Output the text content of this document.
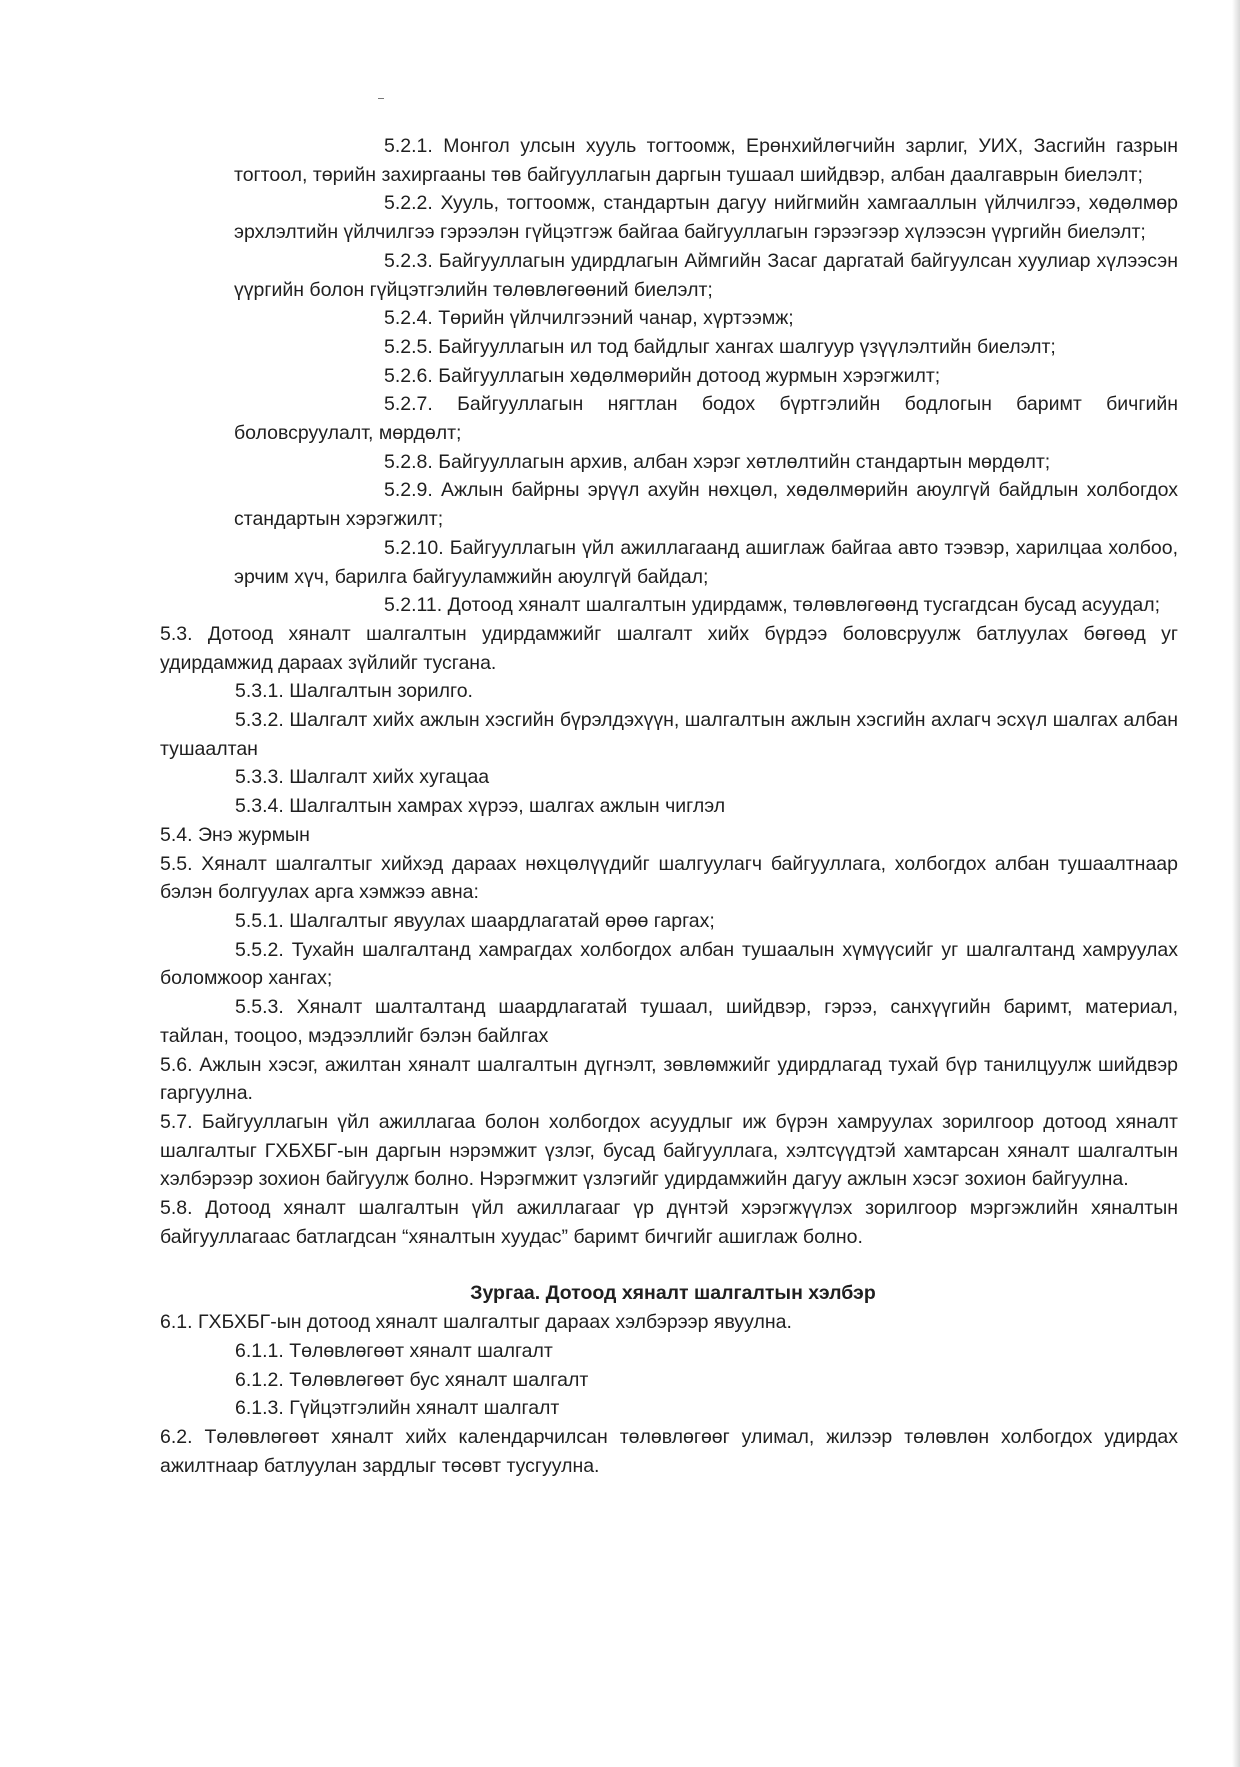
5.2.1. Монгол улсын хууль тогтоомж, Ерөнхийлөгчийн зарлиг, УИХ, Засгийн газрын тогтоол, төрийн захиргааны төв байгууллагын даргын тушаал шийдвэр, албан даалгаврын биелэлт;

5.2.2. Хууль, тогтоомж, стандартын дагуу нийгмийн хамгааллын үйлчилгээ, хөдөлмөр эрхлэлтийн үйлчилгээ гэрээлэн гүйцэтгэж байгаа байгууллагын гэрээгээр хүлээсэн үүргийн биелэлт;

5.2.3. Байгууллагын удирдлагын Аймгийн Засаг даргатай байгуулсан хуулиар хүлээсэн үүргийн болон гүйцэтгэлийн төлөвлөгөөний биелэлт;

5.2.4. Төрийн үйлчилгээний чанар, хүртээмж;

5.2.5. Байгууллагын ил тод байдлыг хангах шалгуур үзүүлэлтийн биелэлт;

5.2.6. Байгууллагын хөдөлмөрийн дотоод журмын хэрэгжилт;

5.2.7. Байгууллагын нягтлан бодох бүртгэлийн бодлогын баримт бичгийн боловсруулалт, мөрдөлт;

5.2.8. Байгууллагын архив, албан хэрэг хөтлөлтийн стандартын мөрдөлт;

5.2.9. Ажлын байрны эрүүл ахуйн нөхцөл, хөдөлмөрийн аюулгүй байдлын холбогдох стандартын хэрэгжилт;

5.2.10. Байгууллагын үйл ажиллагаанд ашиглаж байгаа авто тээвэр, харилцаа холбоо, эрчим хүч, барилга байгууламжийн аюулгүй байдал;

5.2.11. Дотоод хяналт шалгалтын удирдамж, төлөвлөгөөнд тусгагдсан бусад асуудал;

5.3. Дотоод хяналт шалгалтын удирдамжийг шалгалт хийх бүрдээ боловсруулж батлуулах бөгөөд уг удирдамжид дараах зүйлийг тусгана.

5.3.1. Шалгалтын зорилго.

5.3.2. Шалгалт хийх ажлын хэсгийн бүрэлдэхүүн, шалгалтын ажлын хэсгийн ахлагч эсхүл шалгах албан тушаалтан

5.3.3. Шалгалт хийх хугацаа

5.3.4. Шалгалтын хамрах хүрээ, шалгах ажлын чиглэл

5.4. Энэ журмын

5.5. Хяналт шалгалтыг хийхэд дараах нөхцөлүүдийг шалгуулагч байгууллага, холбогдох албан тушаалтнаар бэлэн болгуулах арга хэмжээ авна:

5.5.1. Шалгалтыг явуулах шаардлагатай өрөө гаргах;

5.5.2. Тухайн шалгалтанд хамрагдах холбогдох албан тушаалын хүмүүсийг уг шалгалтанд хамруулах боломжоор хангах;

5.5.3. Хяналт шалталтанд шаардлагатай тушаал, шийдвэр, гэрээ, санхүүгийн баримт, материал, тайлан, тооцоо, мэдээллийг бэлэн байлгах

5.6. Ажлын хэсэг, ажилтан хяналт шалгалтын дүгнэлт, зөвлөмжийг удирдлагад тухай бүр танилцуулж шийдвэр гаргуулна.

5.7. Байгууллагын үйл ажиллагаа болон холбогдох асуудлыг иж бүрэн хамруулах зорилгоор дотоод хяналт шалгалтыг ГХБХБГ-ын даргын нэрэмжит үзлэг, бусад байгууллага, хэлтсүүдтэй хамтарсан хяналт шалгалтын хэлбэрээр зохион байгуулж болно. Нэрэгмжит үзлэгийг удирдамжийн дагуу ажлын хэсэг зохион байгуулна.

5.8. Дотоод хяналт шалгалтын үйл ажиллагааг үр дүнтэй хэрэгжүүлэх зорилгоор мэргэжлийн хяналтын байгууллагаас батлагдсан “хяналтын хуудас” баримт бичгийг ашиглаж болно.

Зургаа. Дотоод хяналт шалгалтын хэлбэр

6.1. ГХБХБГ-ын дотоод хяналт шалгалтыг дараах хэлбэрээр явуулна.

6.1.1. Төлөвлөгөөт хяналт шалгалт

6.1.2. Төлөвлөгөөт бус хяналт шалгалт

6.1.3. Гүйцэтгэлийн хяналт шалгалт

6.2. Төлөвлөгөөт хяналт хийх календарчилсан төлөвлөгөөг улимал, жилээр төлөвлөн холбогдох удирдах ажилтнаар батлуулан зардлыг төсөвт тусгуулна.
